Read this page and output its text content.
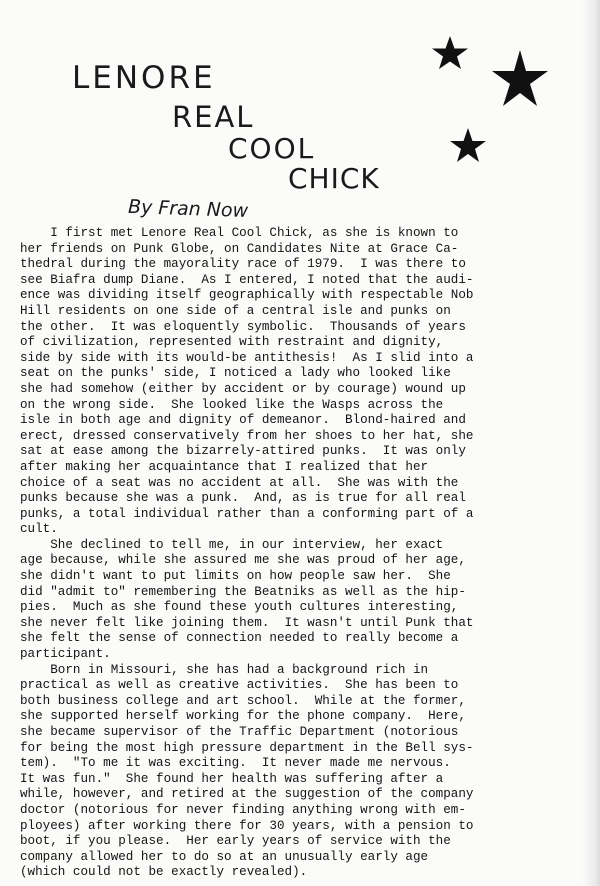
LENORE
REAL
COOL
CHICK

By Fran Now

I first met Lenore Real Cool Chick, as she is known to
her friends on Punk Globe, on Candidates Nite at Grace Ca-
thedral during the mayorality race of 1979.  I was there to
see Biafra dump Diane.  As I entered, I noted that the audi-
ence was dividing itself geographically with respectable Nob
Hill residents on one side of a central isle and punks on
the other.  It was eloquently symbolic.  Thousands of years
of civilization, represented with restraint and dignity,
side by side with its would-be antithesis!  As I slid into a
seat on the punks' side, I noticed a lady who looked like
she had somehow (either by accident or by courage) wound up
on the wrong side.  She looked like the Wasps across the
isle in both age and dignity of demeanor.  Blond-haired and
erect, dressed conservatively from her shoes to her hat, she
sat at ease among the bizarrely-attired punks.  It was only
after making her acquaintance that I realized that her
choice of a seat was no accident at all.  She was with the
punks because she was a punk.  And, as is true for all real
punks, a total individual rather than a conforming part of a
cult.
She declined to tell me, in our interview, her exact
age because, while she assured me she was proud of her age,
she didn't want to put limits on how people saw her.  She
did "admit to" remembering the Beatniks as well as the hip-
pies.  Much as she found these youth cultures interesting,
she never felt like joining them.  It wasn't until Punk that
she felt the sense of connection needed to really become a
participant.
Born in Missouri, she has had a background rich in
practical as well as creative activities.  She has been to
both business college and art school.  While at the former,
she supported herself working for the phone company.  Here,
she became supervisor of the Traffic Department (notorious
for being the most high pressure department in the Bell sys-
tem).  "To me it was exciting.  It never made me nervous.
It was fun."  She found her health was suffering after a
while, however, and retired at the suggestion of the company
doctor (notorious for never finding anything wrong with em-
ployees) after working there for 30 years, with a pension to
boot, if you please.  Her early years of service with the
company allowed her to do so at an unusually early age
(which could not be exactly revealed).
